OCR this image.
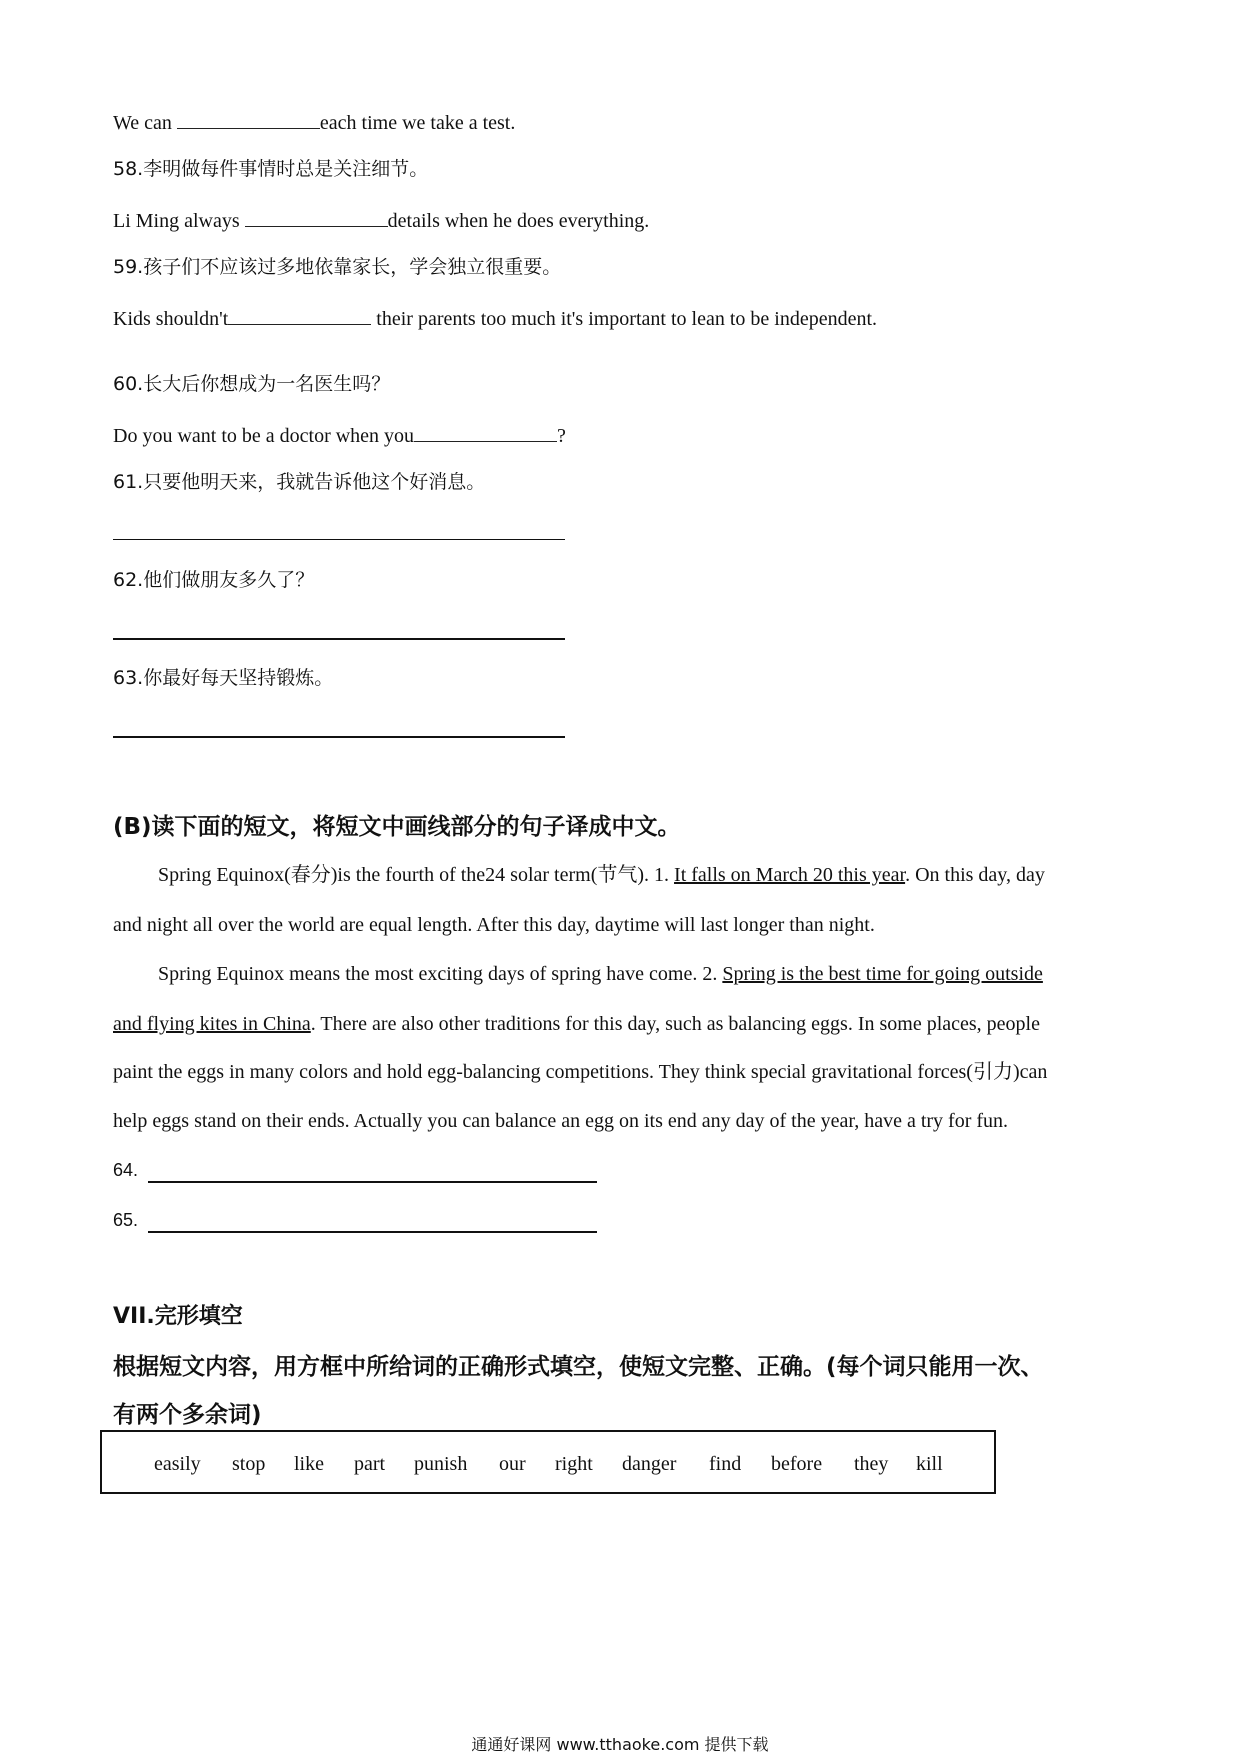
We can	each time we take a test.
58.李明做每件事情时总是关注细节。
Li Ming always	details when he does everything.
59.孩子们不应该过多地依靠家长，学会独立很重要。
Kids shouldn't	their parents too much it's important to lean to be independent.
60.长大后你想成为一名医生吗？
Do you want to be a doctor when you	?
61.只要他明天来，我就告诉他这个好消息。
62.他们做朋友多久了？
63.你最好每天坚持锻炼。
(B)读下面的短文，将短文中画线部分的句子译成中文。
Spring Equinox(春分)is the fourth of the24 solar term(节气). 1. It falls on March 20 this year. On this day, day
and night all over the world are equal length. After this day, daytime will last longer than night.
Spring Equinox means the most exciting days of spring have come. 2. Spring is the best time for going outside
and flying kites in China. There are also other traditions for this day, such as balancing eggs. In some places, people
paint the eggs in many colors and hold egg-balancing competitions. They think special gravitational forces(引力)can
help eggs stand on their ends. Actually you can balance an egg on its end any day of the year, have a try for fun.
64.
65.
VII.完形填空
根据短文内容，用方框中所给词的正确形式填空，使短文完整、正确。(每个词只能用一次、
有两个多余词)
easily stop like part punish our right danger find before they kill
通通好课网 www.tthaoke.com 提供下载
